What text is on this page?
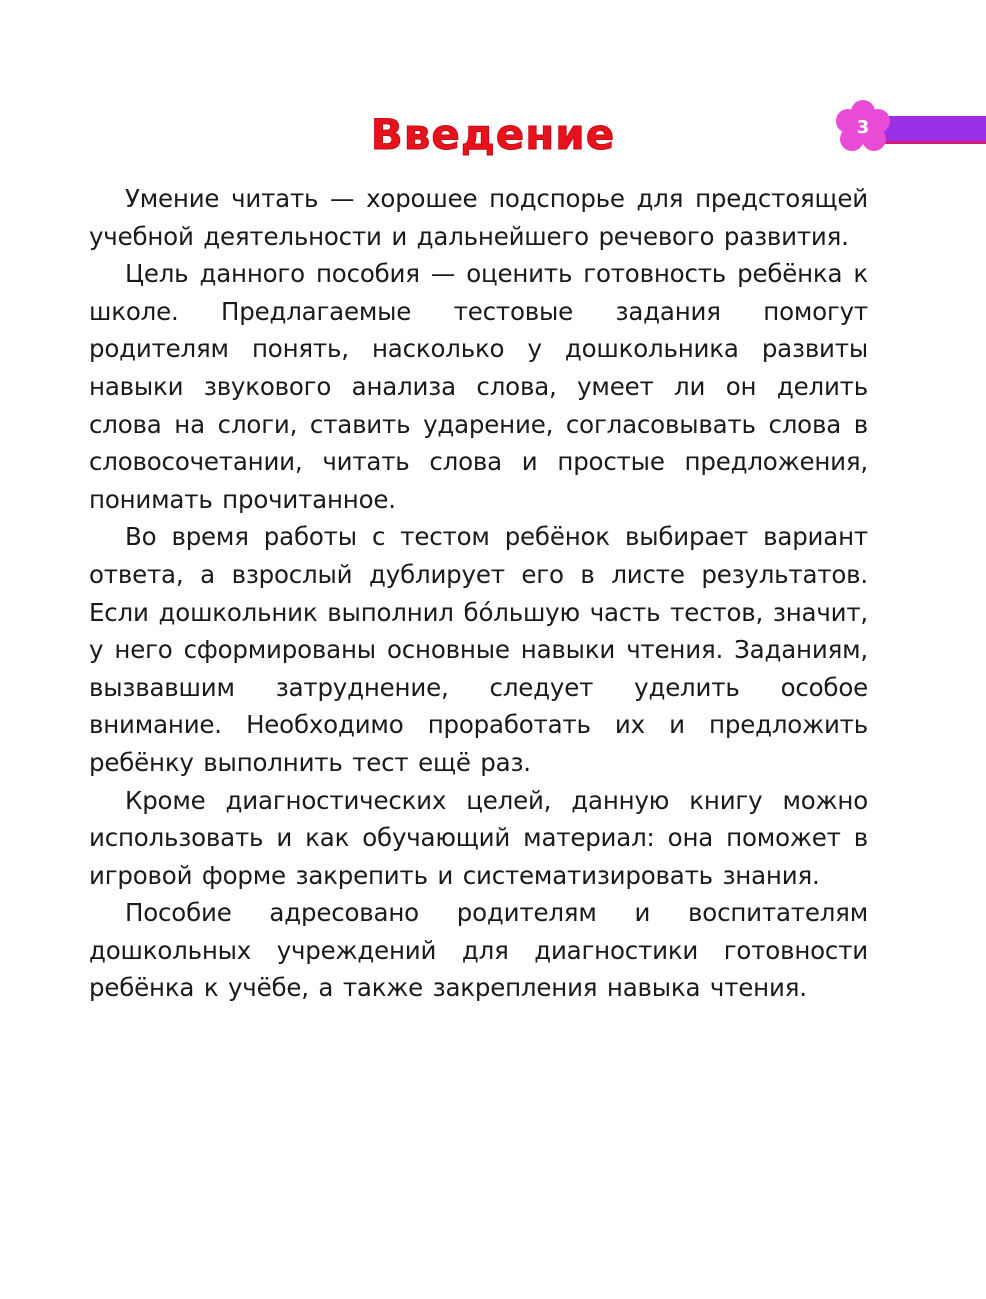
3
Введение

Умение читать — хорошее подспорье для предстоящей учебной деятельности и дальнейшего речевого развития.

Цель данного пособия — оценить готовность ребёнка к школе. Предлагаемые тестовые задания помогут родителям понять, насколько у дошкольника развиты навыки звукового анализа слова, умеет ли он делить слова на слоги, ставить ударение, согласовывать слова в словосочетании, читать слова и простые предложения, понимать прочитанное.

Во время работы с тестом ребёнок выбирает вариант ответа, а взрослый дублирует его в листе результатов. Если дошкольник выполнил бо́льшую часть тестов, значит, у него сформированы основные навыки чтения. Заданиям, вызвавшим затруднение, следует уделить особое внимание. Необходимо проработать их и предложить ребёнку выполнить тест ещё раз.

Кроме диагностических целей, данную книгу можно использовать и как обучающий материал: она поможет в игровой форме закрепить и систематизировать знания.

Пособие адресовано родителям и воспитателям дошкольных учреждений для диагностики готовности ребёнка к учёбе, а также закрепления навыка чтения.
